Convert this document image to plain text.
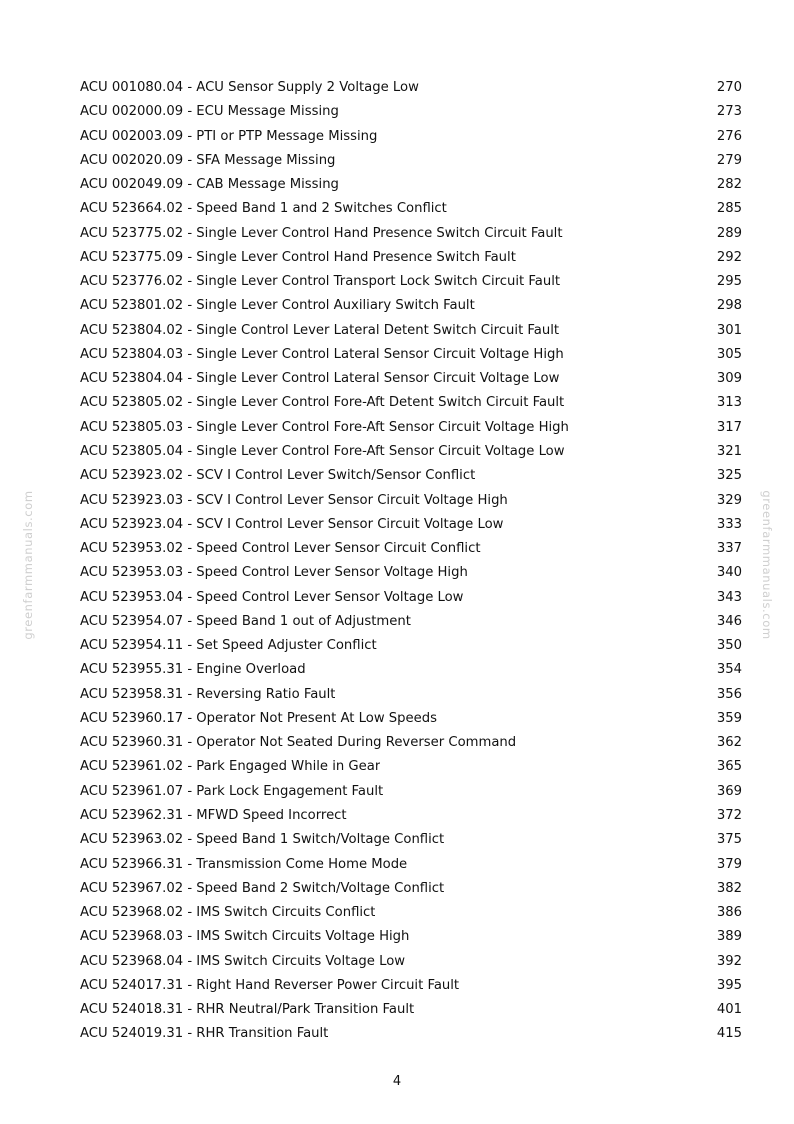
greenfarmmanuals.com	greenfarmmanuals.com
ACU 001080.04 - ACU Sensor Supply 2 Voltage Low	270
ACU 002000.09 - ECU Message Missing	273
ACU 002003.09 - PTI or PTP Message Missing	276
ACU 002020.09 - SFA Message Missing	279
ACU 002049.09 - CAB Message Missing	282
ACU 523664.02 - Speed Band 1 and 2 Switches Conflict	285
ACU 523775.02 - Single Lever Control Hand Presence Switch Circuit Fault	289
ACU 523775.09 - Single Lever Control Hand Presence Switch Fault	292
ACU 523776.02 - Single Lever Control Transport Lock Switch Circuit Fault	295
ACU 523801.02 - Single Lever Control Auxiliary Switch Fault	298
ACU 523804.02 - Single Control Lever Lateral Detent Switch Circuit Fault	301
ACU 523804.03 - Single Lever Control Lateral Sensor Circuit Voltage High	305
ACU 523804.04 - Single Lever Control Lateral Sensor Circuit Voltage Low	309
ACU 523805.02 - Single Lever Control Fore-Aft Detent Switch Circuit Fault	313
ACU 523805.03 - Single Lever Control Fore-Aft Sensor Circuit Voltage High	317
ACU 523805.04 - Single Lever Control Fore-Aft Sensor Circuit Voltage Low	321
ACU 523923.02 - SCV I Control Lever Switch/Sensor Conflict	325
ACU 523923.03 - SCV I Control Lever Sensor Circuit Voltage High	329
ACU 523923.04 - SCV I Control Lever Sensor Circuit Voltage Low	333
ACU 523953.02 - Speed Control Lever Sensor Circuit Conflict	337
ACU 523953.03 - Speed Control Lever Sensor Voltage High	340
ACU 523953.04 - Speed Control Lever Sensor Voltage Low	343
ACU 523954.07 - Speed Band 1 out of Adjustment	346
ACU 523954.11 - Set Speed Adjuster Conflict	350
ACU 523955.31 - Engine Overload	354
ACU 523958.31 - Reversing Ratio Fault	356
ACU 523960.17 - Operator Not Present At Low Speeds	359
ACU 523960.31 - Operator Not Seated During Reverser Command	362
ACU 523961.02 - Park Engaged While in Gear	365
ACU 523961.07 - Park Lock Engagement Fault	369
ACU 523962.31 - MFWD Speed Incorrect	372
ACU 523963.02 - Speed Band 1 Switch/Voltage Conflict	375
ACU 523966.31 - Transmission Come Home Mode	379
ACU 523967.02 - Speed Band 2 Switch/Voltage Conflict	382
ACU 523968.02 - IMS Switch Circuits Conflict	386
ACU 523968.03 - IMS Switch Circuits Voltage High	389
ACU 523968.04 - IMS Switch Circuits Voltage Low	392
ACU 524017.31 - Right Hand Reverser Power Circuit Fault	395
ACU 524018.31 - RHR Neutral/Park Transition Fault	401
ACU 524019.31 - RHR Transition Fault	415
4
